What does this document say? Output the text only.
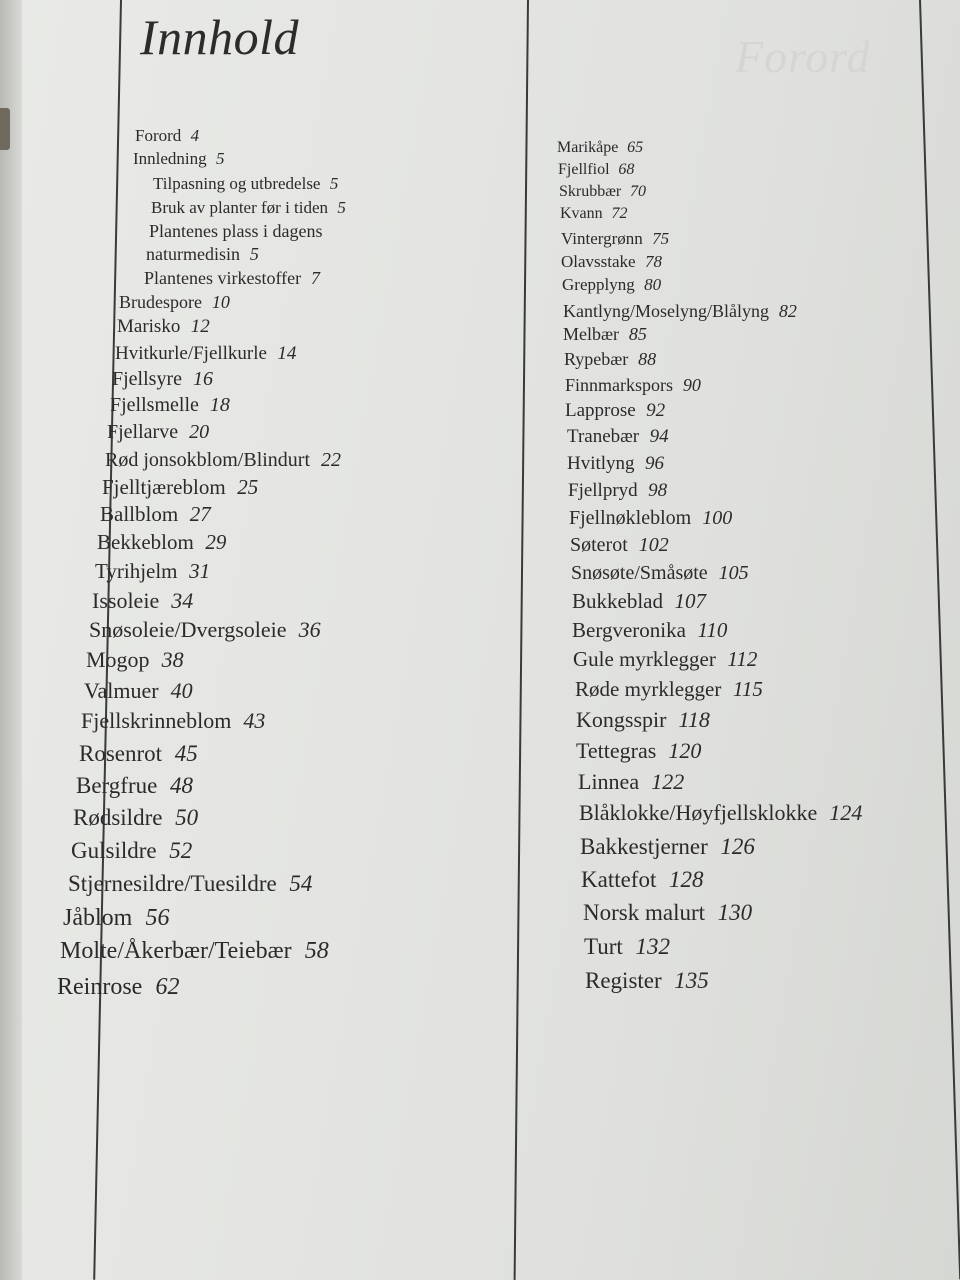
Forord
Innhold
Forord 4
Innledning 5
Tilpasning og utbredelse 5
Bruk av planter før i tiden 5
Plantenes plass i dagens
naturmedisin 5
Plantenes virkestoffer 7
Brudespore 10
Marisko 12
Hvitkurle/Fjellkurle 14
Fjellsyre 16
Fjellsmelle 18
Fjellarve 20
Rød jonsokblom/Blindurt 22
Fjelltjæreblom 25
Ballblom 27
Bekkeblom 29
Tyrihjelm 31
Issoleie 34
Snøsoleie/Dvergsoleie 36
Mogop 38
Valmuer 40
Fjellskrinneblom 43
Rosenrot 45
Bergfrue 48
Rødsildre 50
Gulsildre 52
Stjernesildre/Tuesildre 54
Jåblom 56
Molte/Åkerbær/Teiebær 58
Reinrose 62
Marikåpe 65
Fjellfiol 68
Skrubbær 70
Kvann 72
Vintergrønn 75
Olavsstake 78
Grepplyng 80
Kantlyng/Moselyng/Blålyng 82
Melbær 85
Rypebær 88
Finnmarkspors 90
Lapprose 92
Tranebær 94
Hvitlyng 96
Fjellpryd 98
Fjellnøkleblom 100
Søterot 102
Snøsøte/Småsøte 105
Bukkeblad 107
Bergveronika 110
Gule myrklegger 112
Røde myrklegger 115
Kongsspir 118
Tettegras 120
Linnea 122
Blåklokke/Høyfjellsklokke 124
Bakkestjerner 126
Kattefot 128
Norsk malurt 130
Turt 132
Register 135
